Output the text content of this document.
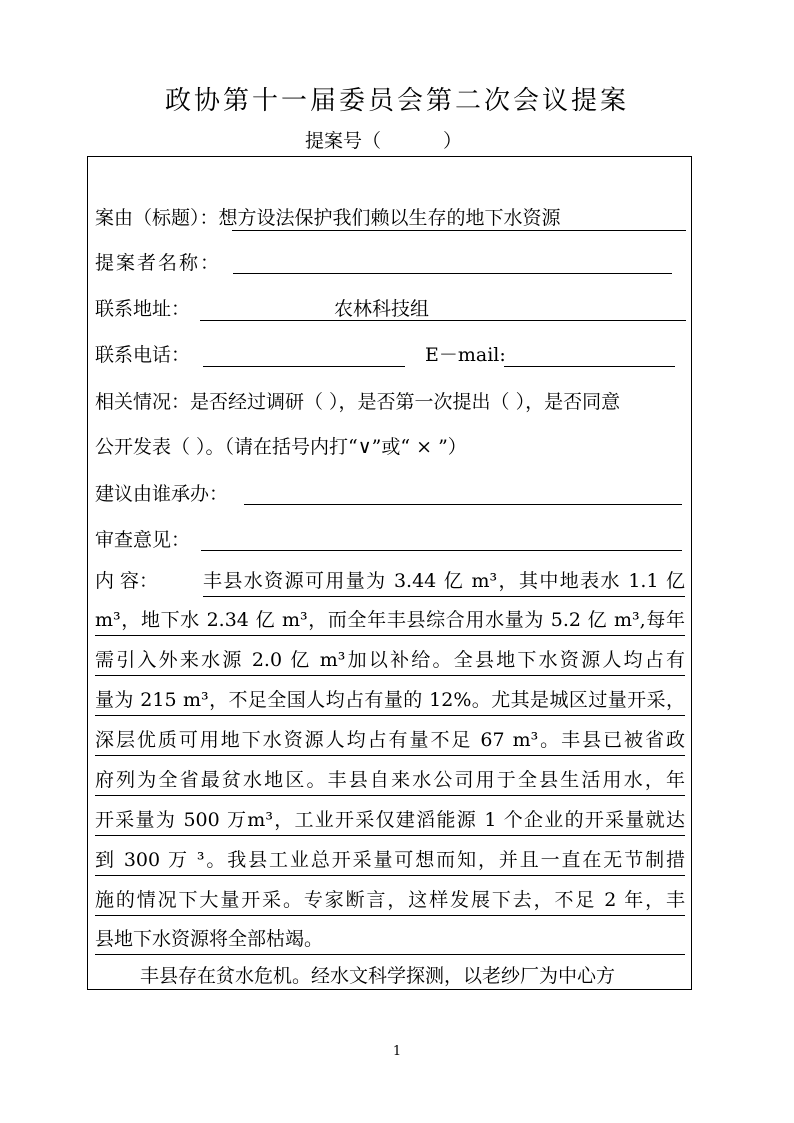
政协第十一届委员会第二次会议提案
提案号（	）
案由（标题）：想方设法保护我们赖以生存的地下水资源
提案者名称：
联系地址：	农林科技组
联系电话：	E－mail:
相关情况：是否经过调研（ ），是否第一次提出（ ），是否同意
公开发表（ ）。（请在括号内打“∨”或“ × ”）
建议由谁承办：
审查意见：
内 容： 丰县水资源可用量为 3.44 亿 m³，其中地表水 1.1 亿
m³，地下水 2.34 亿 m³，而全年丰县综合用水量为 5.2 亿 m³,每年
需引入外来水源 2.0 亿 m³加以补给。全县地下水资源人均占有
量为 215 m³，不足全国人均占有量的 12%。尤其是城区过量开采，
深层优质可用地下水资源人均占有量不足 67 m³。丰县已被省政
府列为全省最贫水地区。丰县自来水公司用于全县生活用水，年
开采量为 500 万m³，工业开采仅建滔能源 1 个企业的开采量就达
到 300 万 ³。我县工业总开采量可想而知，并且一直在无节制措
施的情况下大量开采。专家断言，这样发展下去，不足 2 年，丰
县地下水资源将全部枯竭。
丰县存在贫水危机。经水文科学探测，以老纱厂为中心方
1
